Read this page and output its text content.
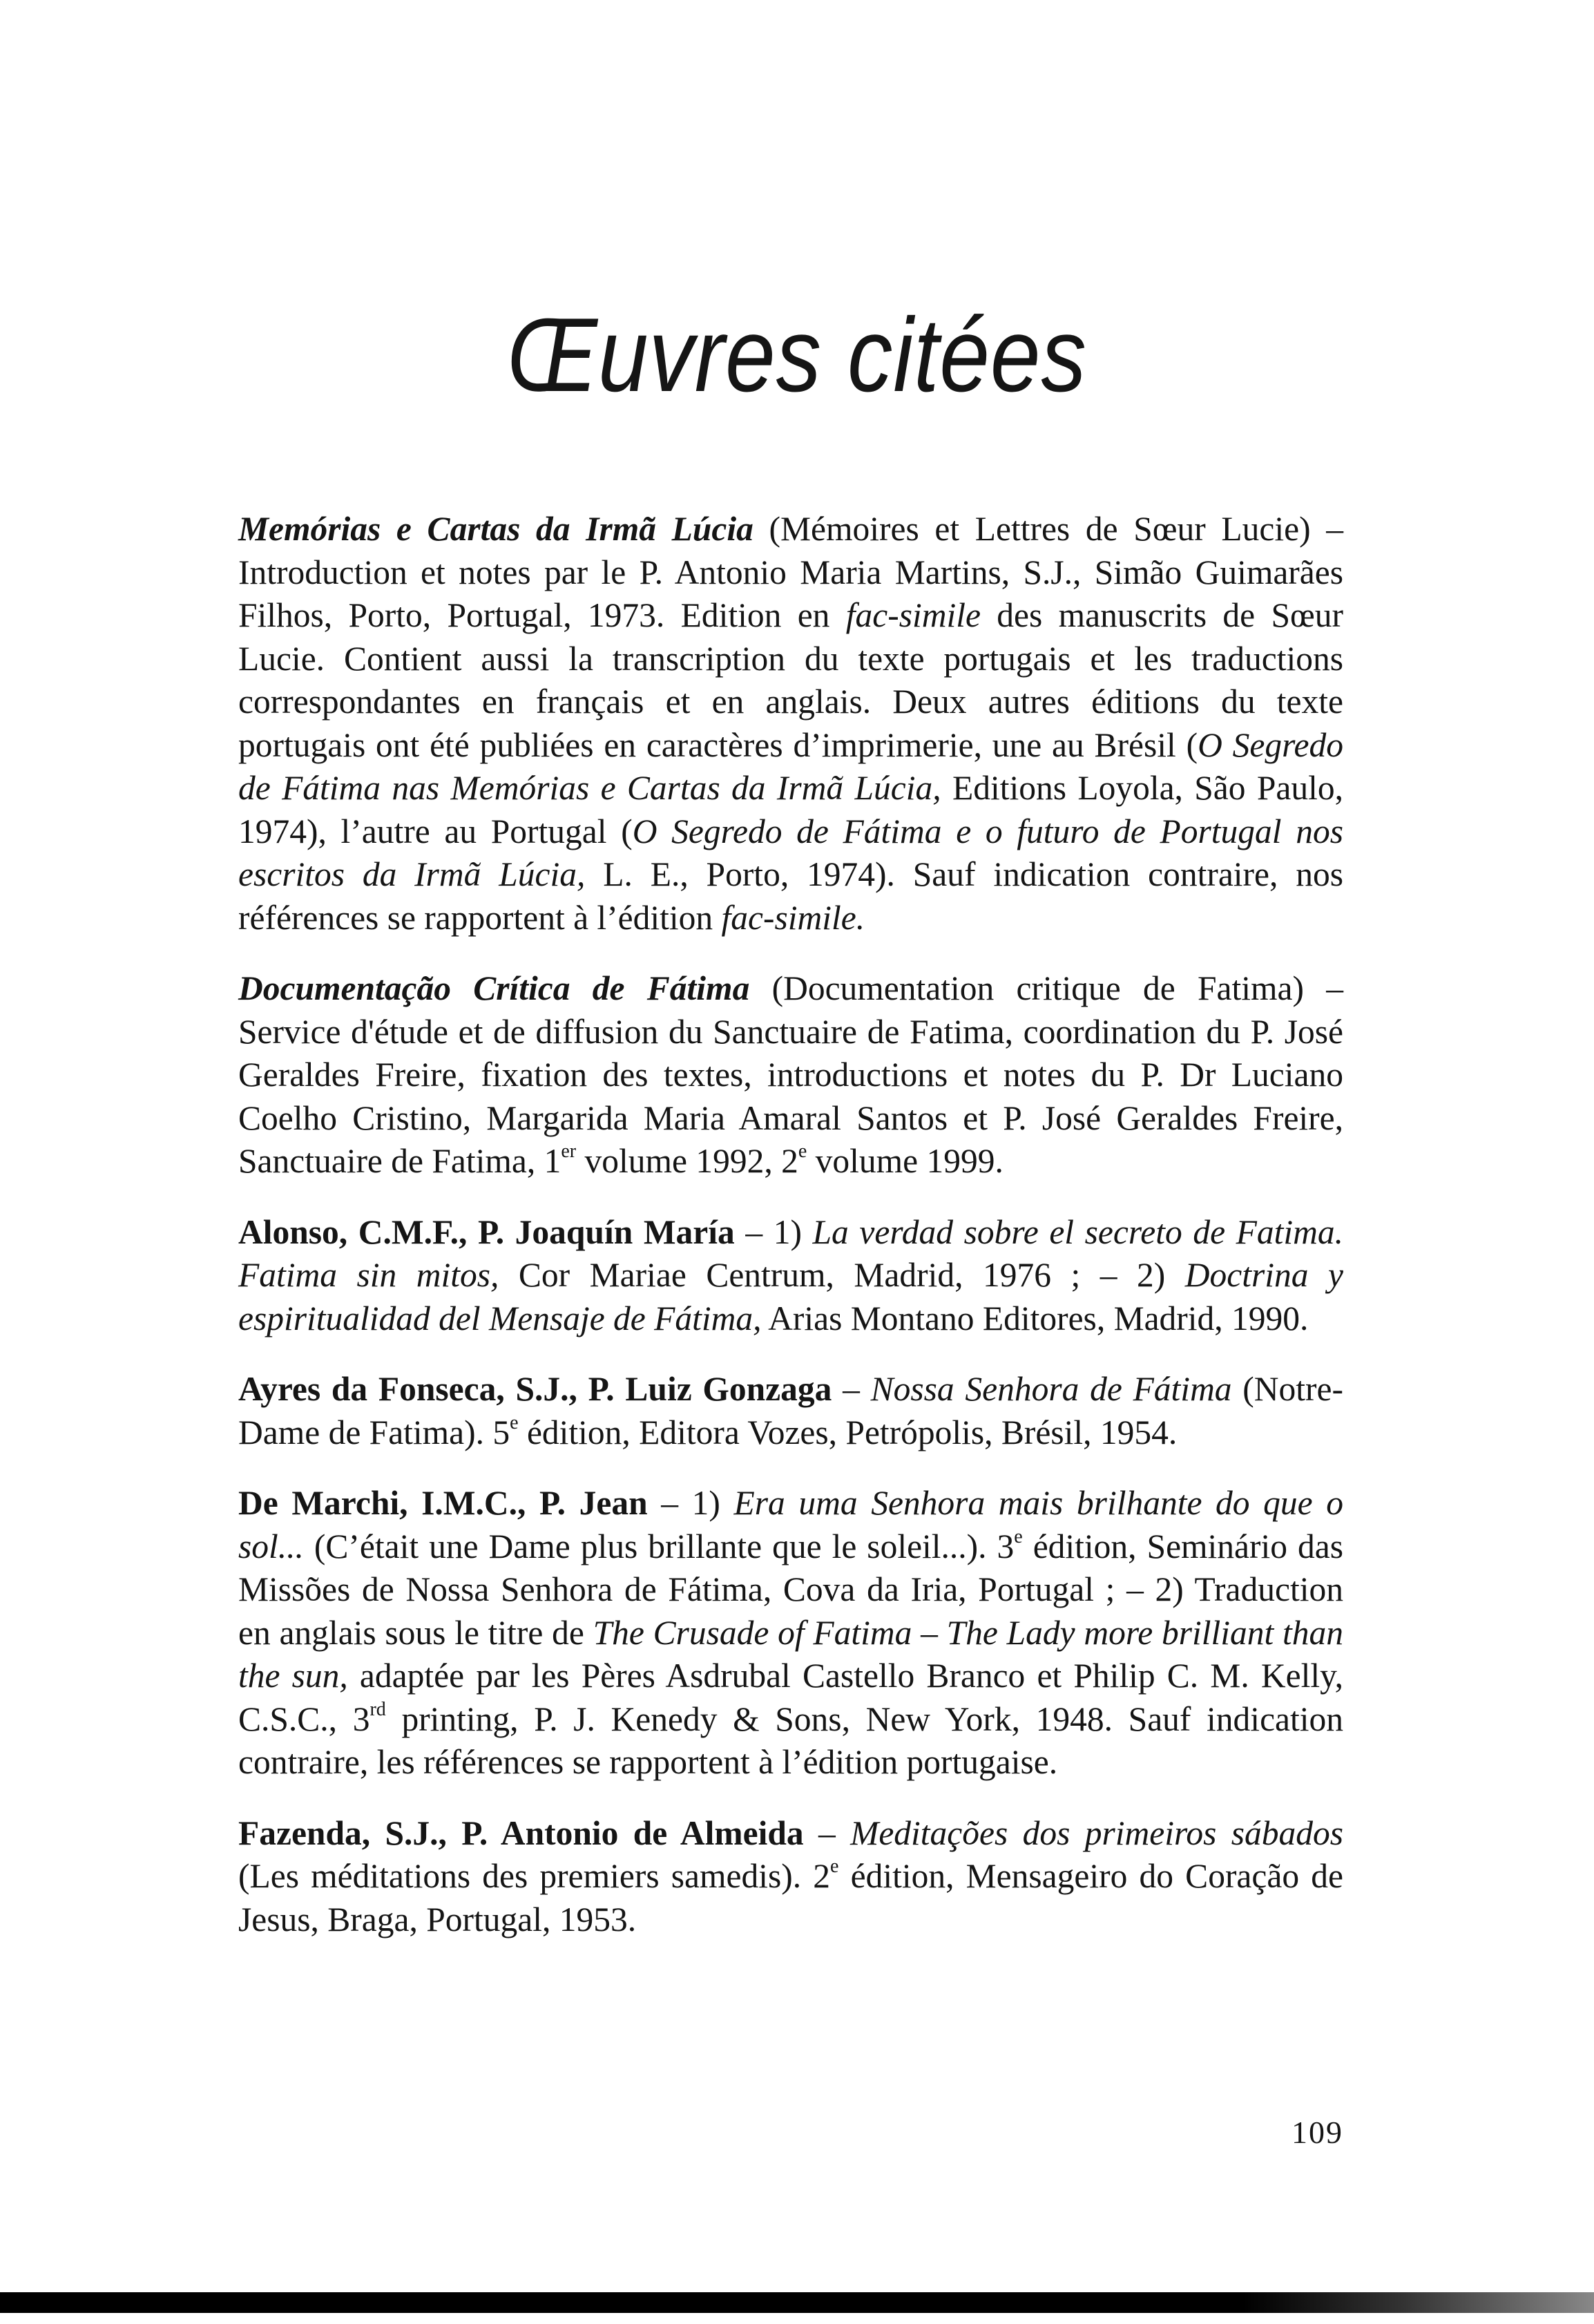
Œuvres citées

Memórias e Cartas da Irmã Lúcia (Mémoires et Lettres de Sœur Lucie) – Introduction et notes par le P. Antonio Maria Martins, S.J., Simão Guimarães Filhos, Porto, Portugal, 1973. Edition en fac-simile des manuscrits de Sœur Lucie. Contient aussi la transcription du texte portugais et les traductions correspondantes en français et en anglais. Deux autres éditions du texte portugais ont été publiées en caractères d’imprimerie, une au Brésil (O Segredo de Fátima nas Memórias e Cartas da Irmã Lúcia, Editions Loyola, São Paulo, 1974), l’autre au Portugal (O Segredo de Fátima e o futuro de Portugal nos escritos da Irmã Lúcia, L. E., Porto, 1974). Sauf indication contraire, nos références se rapportent à l’édition fac-simile.

Documentação Crítica de Fátima (Documentation critique de Fatima) – Service d'étude et de diffusion du Sanctuaire de Fatima, coordination du P. José Geraldes Freire, fixation des textes, introductions et notes du P. Dr Luciano Coelho Cristino, Margarida Maria Amaral Santos et P. José Geraldes Freire, Sanctuaire de Fatima, 1er volume 1992, 2e volume 1999.

Alonso, C.M.F., P. Joaquín María – 1) La verdad sobre el secreto de Fatima. Fatima sin mitos, Cor Mariae Centrum, Madrid, 1976 ; – 2) Doctrina y espiritualidad del Mensaje de Fátima, Arias Montano Editores, Madrid, 1990.

Ayres da Fonseca, S.J., P. Luiz Gonzaga – Nossa Senhora de Fátima (Notre-Dame de Fatima). 5e édition, Editora Vozes, Petrópolis, Brésil, 1954.

De Marchi, I.M.C., P. Jean – 1) Era uma Senhora mais brilhante do que o sol... (C’était une Dame plus brillante que le soleil...). 3e édition, Seminário das Missões de Nossa Senhora de Fátima, Cova da Iria, Portugal ; – 2) Traduction en anglais sous le titre de The Crusade of Fatima – The Lady more brilliant than the sun, adaptée par les Pères Asdrubal Castello Branco et Philip C. M. Kelly, C.S.C., 3rd printing, P. J. Kenedy & Sons, New York, 1948. Sauf indication contraire, les références se rapportent à l’édition portugaise.

Fazenda, S.J., P. Antonio de Almeida – Meditações dos primeiros sábados (Les méditations des premiers samedis). 2e édition, Mensageiro do Coração de Jesus, Braga, Portugal, 1953.

109
